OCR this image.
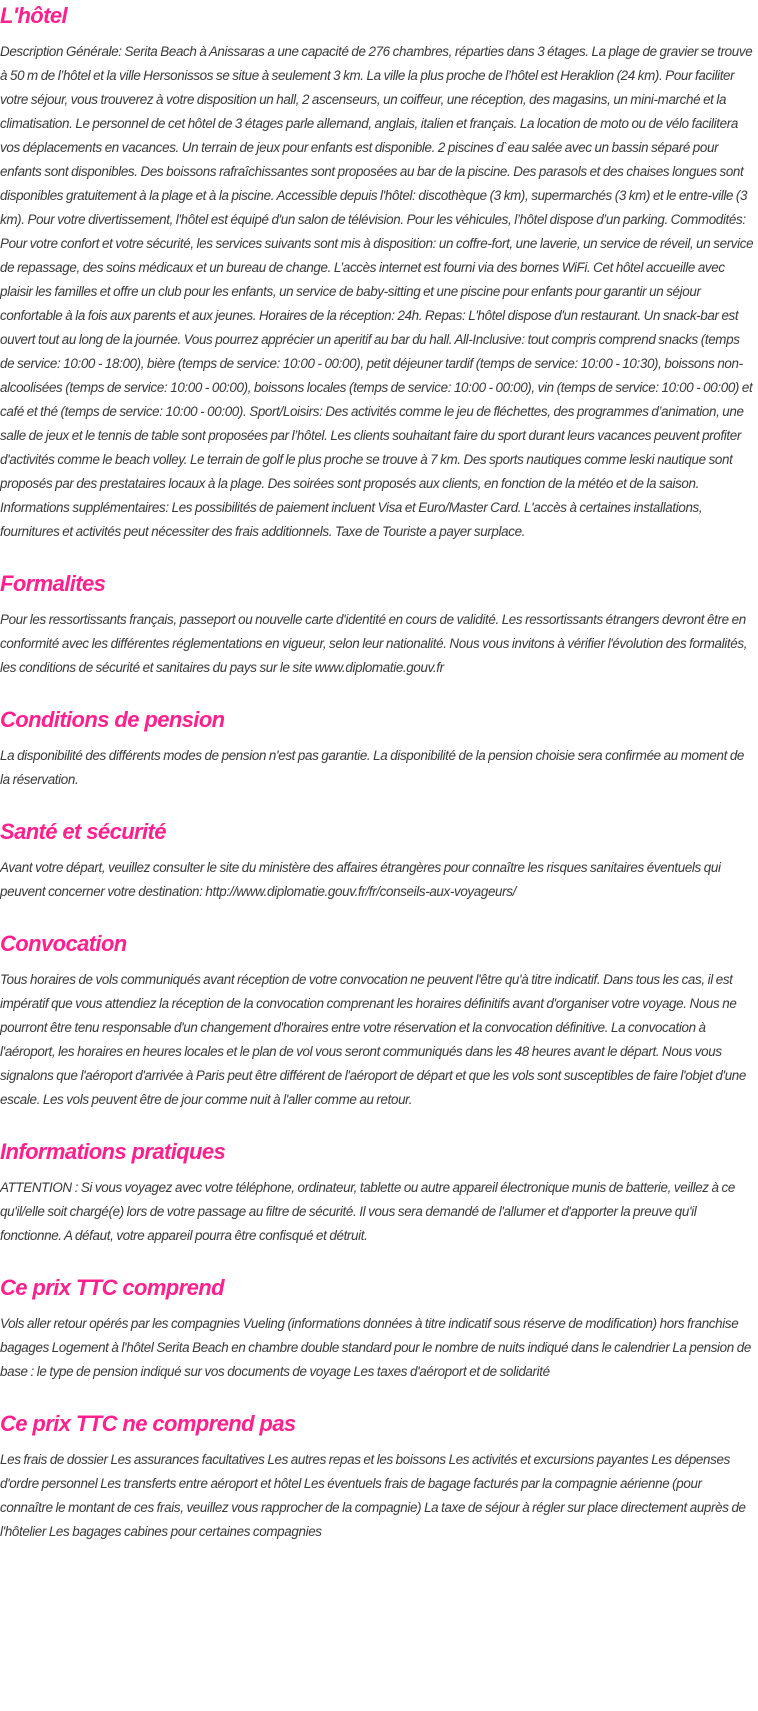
L'hôtel

Description Générale: Serita Beach à Anissaras a une capacité de 276 chambres, réparties dans 3 étages. La plage de gravier se trouve à 50 m de l’hôtel et la ville Hersonissos se situe à seulement 3 km. La ville la plus proche de l’hôtel est Heraklion (24 km). Pour faciliter votre séjour, vous trouverez à votre disposition un hall, 2 ascenseurs, un coiffeur, une réception, des magasins, un mini-marché et la climatisation. Le personnel de cet hôtel de 3 étages parle allemand, anglais, italien et français. La location de moto ou de vélo facilitera vos déplacements en vacances. Un terrain de jeux pour enfants est disponible. 2 piscines d`eau salée avec un bassin séparé pour enfants sont disponibles. Des boissons rafraîchissantes sont proposées au bar de la piscine. Des parasols et des chaises longues sont disponibles gratuitement à la plage et à la piscine. Accessible depuis l'hôtel: discothèque (3 km), supermarchés (3 km) et le entre-ville (3 km). Pour votre divertissement, l'hôtel est équipé d'un salon de télévision. Pour les véhicules, l’hôtel dispose d’un parking. Commodités: Pour votre confort et votre sécurité, les services suivants sont mis à disposition: un coffre-fort, une laverie, un service de réveil, un service de repassage, des soins médicaux et un bureau de change. L’accès internet est fourni via des bornes WiFi. Cet hôtel accueille avec plaisir les familles et offre un club pour les enfants, un service de baby-sitting et une piscine pour enfants pour garantir un séjour confortable à la fois aux parents et aux jeunes. Horaires de la réception: 24h. Repas: L'hôtel dispose d'un restaurant. Un snack-bar est ouvert tout au long de la journée. Vous pourrez apprécier un aperitif au bar du hall. All-Inclusive: tout compris comprend snacks (temps de service: 10:00 - 18:00), bière (temps de service: 10:00 - 00:00), petit déjeuner tardif (temps de service: 10:00 - 10:30), boissons non-alcoolisées (temps de service: 10:00 - 00:00), boissons locales (temps de service: 10:00 - 00:00), vin (temps de service: 10:00 - 00:00) et café et thé (temps de service: 10:00 - 00:00). Sport/Loisirs: Des activités comme le jeu de fléchettes, des programmes d’animation, une salle de jeux et le tennis de table sont proposées par l’hôtel. Les clients souhaitant faire du sport durant leurs vacances peuvent profiter d'activités comme le beach volley. Le terrain de golf le plus proche se trouve à 7 km. Des sports nautiques comme leski nautique sont proposés par des prestataires locaux à la plage. Des soirées sont proposés aux clients, en fonction de la météo et de la saison. Informations supplémentaires: Les possibilités de paiement incluent Visa et Euro/Master Card. L'accès à certaines installations, fournitures et activités peut nécessiter des frais additionnels. Taxe de Touriste a payer surplace.

Formalites

Pour les ressortissants français, passeport ou nouvelle carte d'identité en cours de validité. Les ressortissants étrangers devront être en conformité avec les différentes réglementations en vigueur, selon leur nationalité. Nous vous invitons à vérifier l'évolution des formalités, les conditions de sécurité et sanitaires du pays sur le site www.diplomatie.gouv.fr

Conditions de pension

La disponibilité des différents modes de pension n'est pas garantie. La disponibilité de la pension choisie sera confirmée au moment de la réservation.

Santé et sécurité

Avant votre départ, veuillez consulter le site du ministère des affaires étrangères pour connaître les risques sanitaires éventuels qui peuvent concerner votre destination: http://www.diplomatie.gouv.fr/fr/conseils-aux-voyageurs/

Convocation

Tous horaires de vols communiqués avant réception de votre convocation ne peuvent l'être qu'à titre indicatif. Dans tous les cas, il est impératif que vous attendiez la réception de la convocation comprenant les horaires définitifs avant d'organiser votre voyage. Nous ne pourront être tenu responsable d'un changement d'horaires entre votre réservation et la convocation définitive. La convocation à l'aéroport, les horaires en heures locales et le plan de vol vous seront communiqués dans les 48 heures avant le départ. Nous vous signalons que l'aéroport d'arrivée à Paris peut être différent de l'aéroport de départ et que les vols sont susceptibles de faire l'objet d'une escale. Les vols peuvent être de jour comme nuit à l'aller comme au retour.

Informations pratiques

ATTENTION : Si vous voyagez avec votre téléphone, ordinateur, tablette ou autre appareil électronique munis de batterie, veillez à ce qu'il/elle soit chargé(e) lors de votre passage au filtre de sécurité. Il vous sera demandé de l'allumer et d'apporter la preuve qu'il fonctionne. A défaut, votre appareil pourra être confisqué et détruit.

Ce prix TTC comprend

Vols aller retour opérés par les compagnies Vueling (informations données à titre indicatif sous réserve de modification) hors franchise bagages Logement à l'hôtel Serita Beach en chambre double standard pour le nombre de nuits indiqué dans le calendrier La pension de base : le type de pension indiqué sur vos documents de voyage Les taxes d'aéroport et de solidarité

Ce prix TTC ne comprend pas

Les frais de dossier Les assurances facultatives Les autres repas et les boissons Les activités et excursions payantes Les dépenses d'ordre personnel Les transferts entre aéroport et hôtel Les éventuels frais de bagage facturés par la compagnie aérienne (pour connaître le montant de ces frais, veuillez vous rapprocher de la compagnie) La taxe de séjour à régler sur place directement auprès de l'hôtelier Les bagages cabines pour certaines compagnies
